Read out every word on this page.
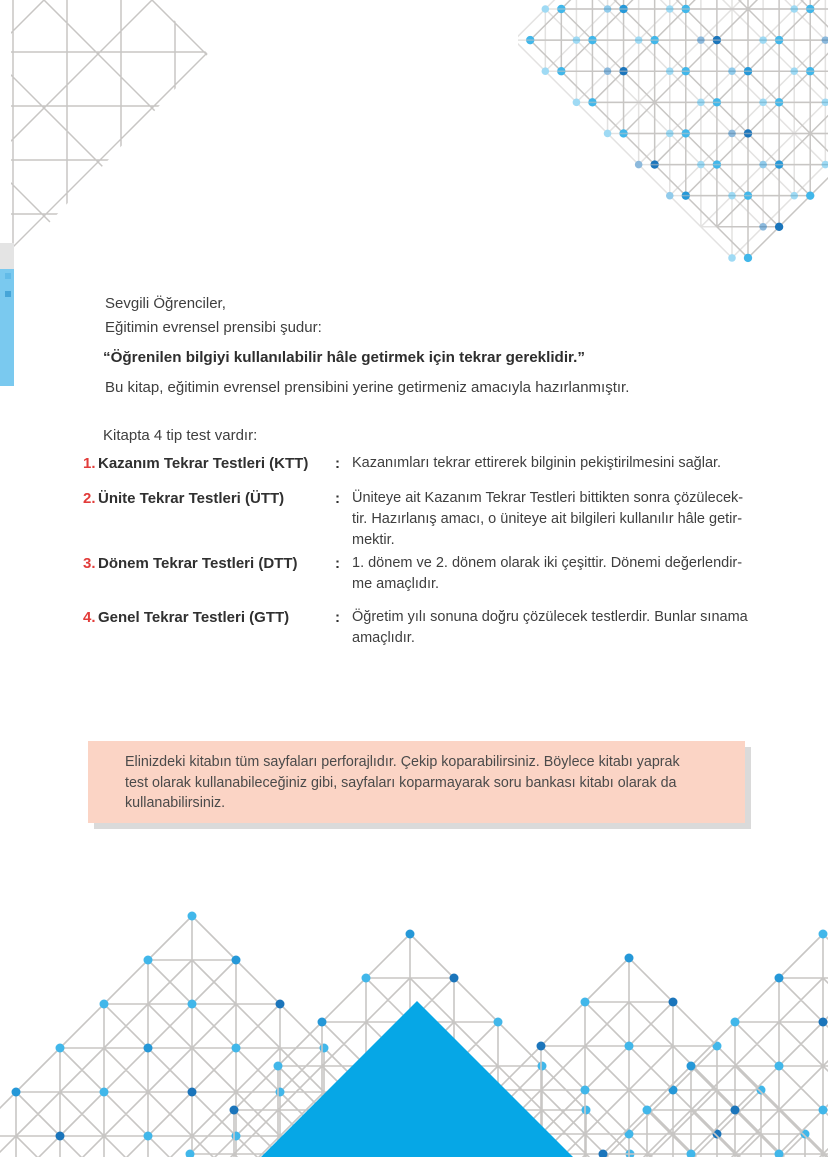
Sevgili Öğrenciler,
Eğitimin evrensel prensibi şudur:
“Öğrenilen bilgiyi kullanılabilir hâle getirmek için tekrar gereklidir.”
Bu kitap, eğitimin evrensel prensibini yerine getirmeniz amacıyla hazırlanmıştır.
Kitapta 4 tip test vardır:
1. Kazanım Tekrar Testleri (KTT) : Kazanımları tekrar ettirerek bilginin pekiştirilmesini sağlar.
2. Ünite Tekrar Testleri (ÜTT)	: Üniteye ait Kazanım Tekrar Testleri bittikten sonra çözülecek-
tir. Hazırlanış amacı, o üniteye ait bilgileri kullanılır hâle getir-
mektir.
3. Dönem Tekrar Testleri (DTT)	: 1. dönem ve 2. dönem olarak iki çeşittir. Dönemi değerlendir-
me amaçlıdır.
4. Genel Tekrar Testleri (GTT)	: Öğretim yılı sonuna doğru çözülecek testlerdir. Bunlar sınama
amaçlıdır.
Elinizdeki kitabın tüm sayfaları perforajlıdır. Çekip koparabilirsiniz. Böylece kitabı yaprak
test olarak kullanabileceğiniz gibi, sayfaları koparmayarak soru bankası kitabı olarak da
kullanabilirsiniz.
